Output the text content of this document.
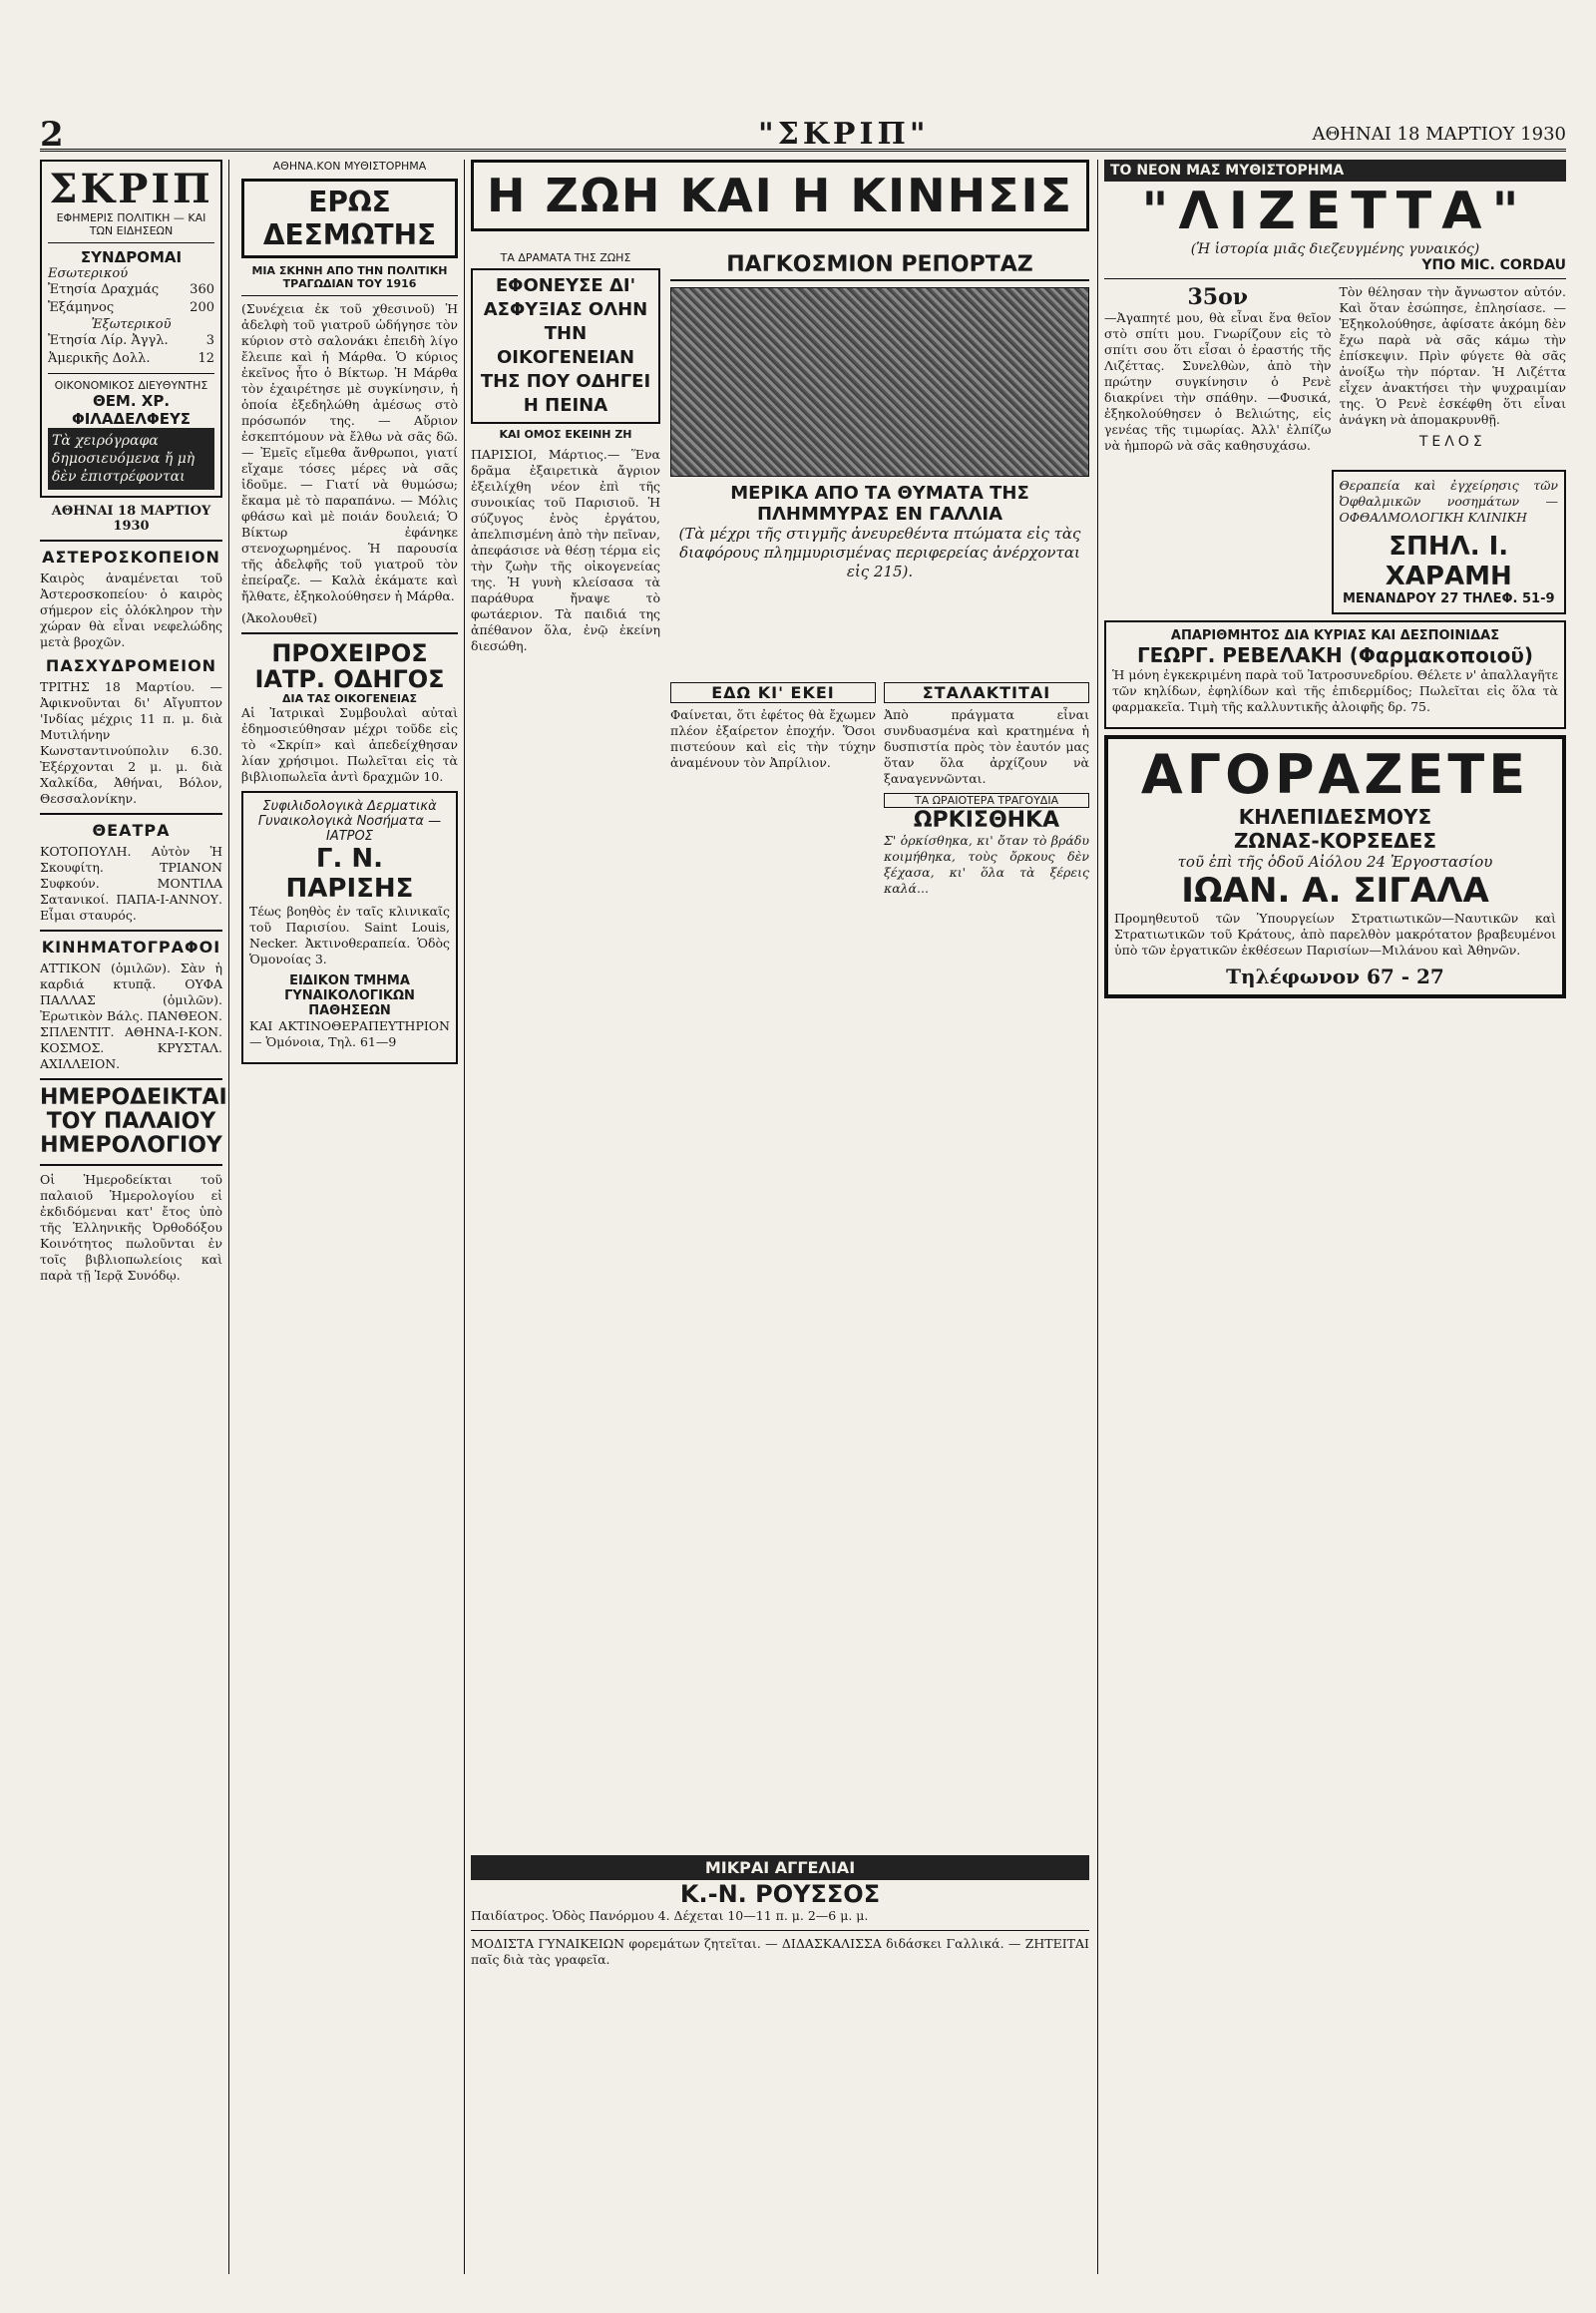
2	"ΣΚΡΙΠ"	ΑΘΗΝΑΙ 18 ΜΑΡΤΙΟΥ 1930
ΣΚΡΙΠ
ΕΦΗΜΕΡΙΣ ΠΟΛΙΤΙΚΗ — ΚΑΙ ΤΩΝ ΕΙΔΗΣΕΩΝ
ΣΥΝΔΡΟΜΑΙ
Εσωτερικού
Ἐτησία Δραχμάς 360
Ἑξάμηνος	200
Ἐξωτερικοῦ
Ἐτησία Λίρ. Ἀγγλ.	3
Ἀμερικῆς Δολλ.	12
ΟΙΚΟΝΟΜΙΚΟΣ ΔΙΕΥΘΥΝΤΗΣ
ΘΕΜ. ΧΡ. ΦΙΛΑΔΕΛΦΕΥΣ
Τὰ χειρόγραφα δημοσιευόμενα ἤ μὴ δὲν ἐπιστρέφονται
ΑΘΗΝΑΙ 18 ΜΑΡΤΙΟΥ 1930
ΑΣΤΕΡΟΣΚΟΠΕΙΟΝ

Καιρὸς ἀναμένεται τοῦ Ἀστεροσκοπείου· ὁ καιρὸς σήμερον εἰς ὁλόκληρον τὴν χώραν θὰ εἶναι νεφελώδης μετὰ βροχῶν.

ΠΑΣΧΥΔΡΟΜΕΙΟΝ

ΤΡΙΤΗΣ 18 Μαρτίου. — Ἀφικνοῦνται δι' Αἴγυπτον 'Ινδίας μέχρις 11 π. μ. διὰ Μυτιλήνην Κωνσταντινούπολιν 6.30. Ἐξέρχονται 2 μ. μ. διὰ Χαλκίδα, Ἀθήναι, Βόλον, Θεσσαλονίκην.

ΘΕΑΤΡΑ

ΚΟΤΟΠΟΥΛΗ. Αὐτὸν Ἡ Σκουφίτη. ΤΡΙΑΝΟΝ Συφκούν. ΜΟΝΤΙΛΑ Σατανικοί. ΠΑΠΑ-Ι-ΑΝΝΟΥ. Εἶμαι σταυρός.

ΚΙΝΗΜΑΤΟΓΡΑΦΟΙ

ΑΤΤΙΚΟΝ (ὁμιλῶν). Σὰν ἡ καρδιά κτυπᾷ. ΟΥΦΑ ΠΑΛΛΑΣ (ὁμιλῶν). Ἐρωτικὸν Βάλς. ΠΑΝΘΕΟΝ. ΣΠΛΕΝΤΙΤ. ΑΘΗΝΑ-Ι-ΚΟΝ. ΚΟΣΜΟΣ. ΚΡΥΣΤΑΛ. ΑΧΙΛΛΕΙΟΝ.

ΗΜΕΡΟΔΕΙΚΤΑΙ ΤΟΥ ΠΑΛΑΙΟΥ ΗΜΕΡΟΛΟΓΙΟΥ

Οἱ Ἡμεροδείκται τοῦ παλαιοῦ Ἡμερολογίου εἰ ἐκδιδόμεναι κατ' ἔτος ὑπὸ τῆς Ἑλληνικῆς Ὀρθοδόξου Κοινότητος πωλοῦνται ἐν τοῖς βιβλιοπωλείοις καὶ παρὰ τῇ Ἱερᾷ Συνόδῳ.

ΑΘΗΝΑ.ΚΟΝ ΜΥΘΙΣΤΟΡΗΜΑ
ΕΡΩΣ ΔΕΣΜΩΤΗΣ
ΜΙΑ ΣΚΗΝΗ ΑΠΟ ΤΗΝ ΠΟΛΙΤΙΚΗ ΤΡΑΓΩΔΙΑΝ ΤΟΥ 1916

(Συνέχεια ἐκ τοῦ χθεσινοῦ) Ἡ ἀδελφὴ τοῦ γιατροῦ ὡδήγησε τὸν κύριον στὸ σαλονάκι ἐπειδὴ λίγο ἔλειπε καὶ ἡ Μάρθα. Ὁ κύριος ἐκεῖνος ἦτο ὁ Βίκτωρ. Ἡ Μάρθα τὸν ἐχαιρέτησε μὲ συγκίνησιν, ἡ ὁποία ἐξεδηλώθη ἀμέσως στὸ πρόσωπόν της. — Αὔριον ἐσκεπτόμουν νὰ ἔλθω νὰ σᾶς δῶ. — Ἐμεῖς εἴμεθα ἄνθρωποι, γιατί εἴχαμε τόσες μέρες νὰ σᾶς ἰδοῦμε. — Γιατί νὰ θυμώσω; ἔκαμα μὲ τὸ παραπάνω. — Μόλις φθάσω καὶ μὲ ποιάν δουλειά; Ὁ Βίκτωρ ἐφάνηκε στενοχωρημένος. Ἡ παρουσία τῆς ἀδελφῆς τοῦ γιατροῦ τὸν ἐπείραζε. — Καλὰ ἐκάματε καὶ ἤλθατε, ἐξηκολούθησεν ἡ Μάρθα.

(Ἀκολουθεῖ)

ΠΡΟΧΕΙΡΟΣ ΙΑΤΡ. ΟΔΗΓΟΣ
ΔΙΑ ΤΑΣ ΟΙΚΟΓΕΝΕΙΑΣ

Αἱ Ἰατρικαὶ Συμβουλαὶ αὐταὶ ἐδημοσιεύθησαν μέχρι τοῦδε εἰς τὸ «Σκρίπ» καὶ ἀπεδείχθησαν λίαν χρήσιμοι. Πωλεῖται εἰς τὰ βιβλιοπωλεῖα ἀντὶ δραχμῶν 10.

Συφιλιδολογικὰ Δερματικὰ Γυναικολογικὰ Νοσήματα — ΙΑΤΡΟΣ
Γ. Ν. ΠΑΡΙΣΗΣ

Τέως βοηθὸς ἐν ταῖς κλινικαῖς τοῦ Παρισίου. Saint Louis, Necker. Ἀκτινοθεραπεία. Ὁδὸς Ὁμονοίας 3.

ΕΙΔΙΚΟΝ ΤΜΗΜΑ ΓΥΝΑΙΚΟΛΟΓΙΚΩΝ ΠΑΘΗΣΕΩΝ

ΚΑΙ ΑΚΤΙΝΟΘΕΡΑΠΕΥΤΗΡΙΟΝ — Ὁμόνοια, Τηλ. 61—9

Η ΖΩΗ ΚΑΙ Η ΚΙΝΗΣΙΣ
ΤΑ ΔΡΑΜΑΤΑ ΤΗΣ ΖΩΗΣ
ΕΦΟΝΕΥΣΕ ΔΙ' ΑΣΦΥΞΙΑΣ ΟΛΗΝ ΤΗΝ ΟΙΚΟΓΕΝΕΙΑΝ ΤΗΣ ΠΟΥ ΟΔΗΓΕΙ Η ΠΕΙΝΑ
ΚΑΙ ΟΜΟΣ ΕΚΕΙΝΗ ΖΗ

ΠΑΡΙΣΙΟΙ, Μάρτιος.— Ἕνα δρᾶμα ἐξαιρετικὰ ἄγριον ἐξειλίχθη νέον ἐπὶ τῆς συνοικίας τοῦ Παρισιοῦ. Ἡ σύζυγος ἑνὸς ἐργάτου, ἀπελπισμένη ἀπὸ τὴν πεῖναν, ἀπεφάσισε νὰ θέσῃ τέρμα εἰς τὴν ζωὴν τῆς οἰκογενείας της. Ἡ γυνὴ κλείσασα τὰ παράθυρα ἤναψε τὸ φωτάεριον. Τὰ παιδιά της ἀπέθανον ὅλα, ἐνῷ ἐκείνη διεσώθη.

ΠΑΓΚΟΣΜΙΟΝ ΡΕΠΟΡΤΑΖ
ΜΕΡΙΚΑ ΑΠΟ ΤΑ ΘΥΜΑΤΑ ΤΗΣ ΠΛΗΜΜΥΡΑΣ ΕΝ ΓΑΛΛΙΑ
(Τὰ μέχρι τῆς στιγμῆς ἀνευρεθέντα πτώματα εἰς τὰς διαφόρους πλημμυρισμένας περιφερείας ἀνέρχονται εἰς 215).
ΕΔΩ ΚΙ' ΕΚΕΙ

Φαίνεται, ὅτι ἐφέτος θὰ ἔχωμεν πλέον ἐξαίρετον ἐποχήν. Ὅσοι πιστεύουν καὶ εἰς τὴν τύχην ἀναμένουν τὸν Ἀπρίλιον.

ΣΤΑΛΑΚΤΙΤΑΙ

Ἀπὸ πράγματα εἶναι συνδυασμένα καὶ κρατημένα ἡ δυσπιστία πρὸς τὸν ἐαυτόν μας ὅταν ὅλα ἀρχίζουν νὰ ξαναγεννῶνται.

ΤΑ ΩΡΑΙΟΤΕΡΑ ΤΡΑΓΟΥΔΙΑ
ΩΡΚΙΣΘΗΚΑ

Σ' ὁρκίσθηκα, κι' ὄταν τὸ βράδυ κοιμήθηκα, τοὺς ὄρκους δὲν ξέχασα, κι' ὅλα τὰ ξέρεις καλά...

ΜΙΚΡΑΙ ΑΓΓΕΛΙΑΙ
Κ.-Ν. ΡΟΥΣΣΟΣ

Παιδίατρος. Ὁδὸς Πανόρμου 4. Δέχεται 10—11 π. μ. 2—6 μ. μ.

ΜΟΔΙΣΤΑ ΓΥΝΑΙΚΕΙΩΝ φορεμάτων ζητεῖται. — ΔΙΔΑΣΚΑΛΙΣΣΑ διδάσκει Γαλλικά. — ΖΗΤΕΙΤΑΙ παῖς διὰ τὰς γραφεῖα.

ΤΟ ΝΕΟΝ ΜΑΣ ΜΥΘΙΣΤΟΡΗΜΑ
"ΛΙΖΕΤΤΑ"
(Ἡ ἱστορία μιᾶς διεζευγμένης γυναικός)
ΥΠΟ MIC. CORDAU
35ον

—Ἀγαπητέ μου, θὰ εἶναι ἕνα θεῖον στὸ σπίτι μου. Γνωρίζουν εἰς τὸ σπίτι σου ὅτι εἶσαι ὁ ἐραστής τῆς Λιζέττας. Συνελθὼν, ἀπὸ τὴν πρώτην συγκίνησιν ὁ Ρενὲ διακρίνει τὴν σπάθην. —Φυσικά, ἐξηκολούθησεν ὁ Βελιώτης, εἰς γενέας τῆς τιμωρίας. Ἀλλ' ἐλπίζω νὰ ἠμπορῶ νὰ σᾶς καθησυχάσω.

Τὸν θέλησαν τὴν ἄγνωστον αὐτόν. Καὶ ὅταν ἐσώπησε, ἐπλησίασε. —Ἐξηκολούθησε, ἀφίσατε ἀκόμη δὲν ἔχω παρὰ νὰ σᾶς κάμω τὴν ἐπίσκεψιν. Πρὶν φύγετε θὰ σᾶς ἀνοίξω τὴν πόρταν. Ἡ Λιζέττα εἶχεν ἀνακτήσει τὴν ψυχραιμίαν της. Ὁ Ρενὲ ἐσκέφθη ὅτι εἶναι ἀνάγκη νὰ ἀπομακρυνθῇ.

ΤΕΛΟΣ

Θεραπεία καὶ ἐγχείρησις τῶν Ὀφθαλμικῶν νοσημάτων — ΟΦΘΑΛΜΟΛΟΓΙΚΗ ΚΛΙΝΙΚΗ

ΣΠΗΛ. Ι. ΧΑΡΑΜΗ
ΜΕΝΑΝΔΡΟΥ 27 ΤΗΛΕΦ. 51-9
ΑΠΑΡΙΘΜΗΤΟΣ ΔΙΑ ΚΥΡΙΑΣ ΚΑΙ ΔΕΣΠΟΙΝΙΔΑΣ
ΓΕΩΡΓ. ΡΕΒΕΛΑΚΗ (Φαρμακοποιοῦ)

Ἡ μόνη ἐγκεκριμένη παρὰ τοῦ Ἰατροσυνεδρίου. Θέλετε ν' ἀπαλλαγῆτε τῶν κηλίδων, ἐφηλίδων καὶ τῆς ἐπιδερμίδος; Πωλεῖται εἰς ὅλα τὰ φαρμακεῖα. Τιμὴ τῆς καλλυντικῆς ἀλοιφῆς δρ. 75.

ΑΓΟΡΑΖΕΤΕ
ΚΗΛΕΠΙΔΕΣΜΟΥΣ
ΖΩΝΑΣ-ΚΟΡΣΕΔΕΣ
τοῦ ἐπὶ τῆς ὁδοῦ Αἰόλου 24 Ἐργοστασίου
ΙΩΑΝ. Α. ΣΙΓΑΛΑ

Προμηθευτοῦ τῶν Ὑπουργείων Στρατιωτικῶν—Ναυτικῶν καὶ Στρατιωτικῶν τοῦ Κράτους, ἀπὸ παρελθὸν μακρότατον βραβευμένοι ὑπὸ τῶν ἐργατικῶν ἐκθέσεων Παρισίων—Μιλάνου καὶ Ἀθηνῶν.

Τηλέφωνον 67 - 27
